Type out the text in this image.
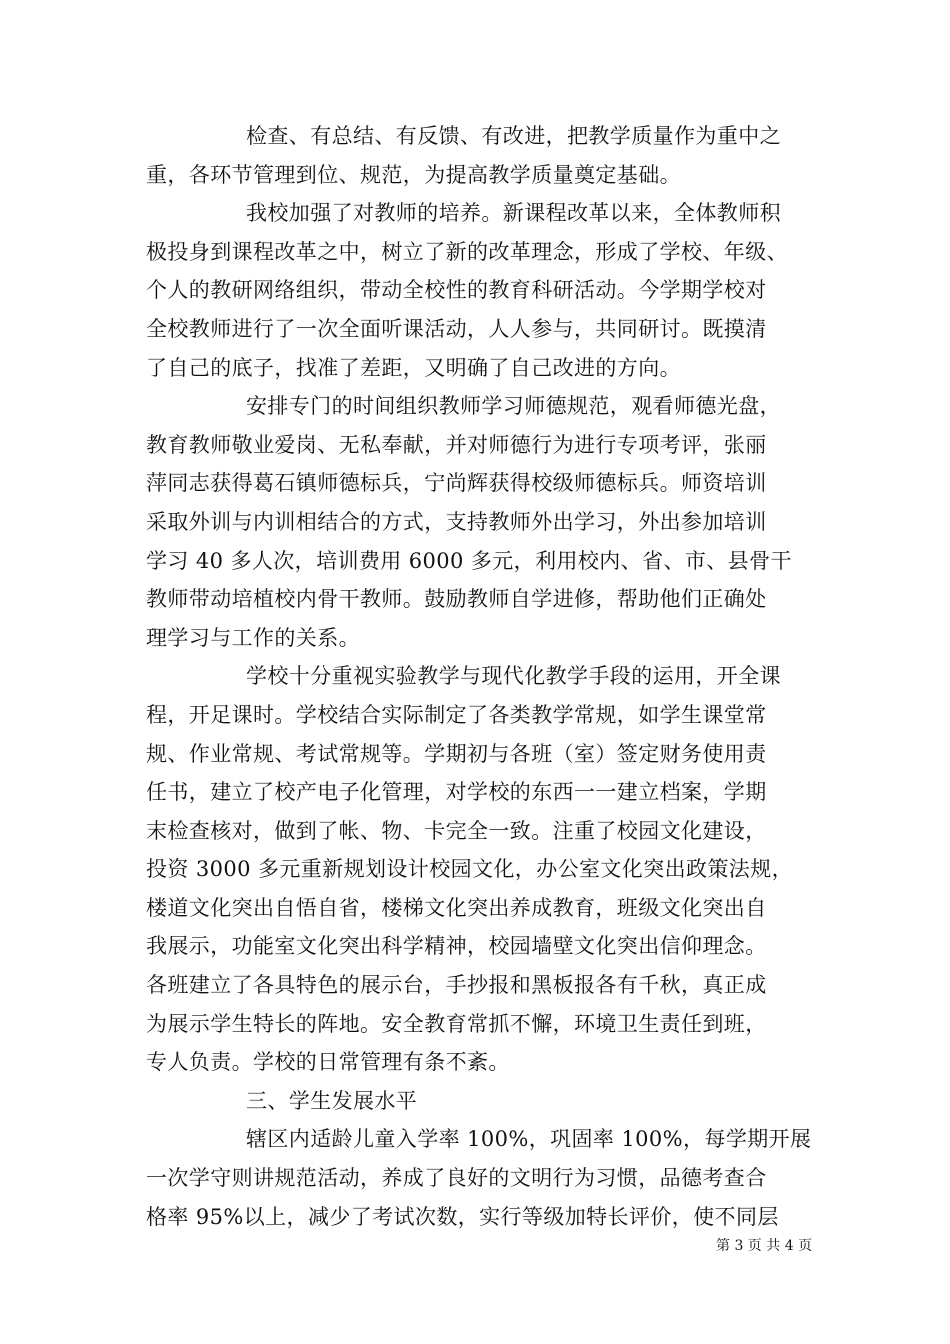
检查、有总结、有反馈、有改进，把教学质量作为重中之
重，各环节管理到位、规范，为提高教学质量奠定基础。
我校加强了对教师的培养。新课程改革以来，全体教师积
极投身到课程改革之中，树立了新的改革理念，形成了学校、年级、
个人的教研网络组织，带动全校性的教育科研活动。今学期学校对
全校教师进行了一次全面听课活动，人人参与，共同研讨。既摸清
了自己的底子，找准了差距，又明确了自己改进的方向。
安排专门的时间组织教师学习师德规范，观看师德光盘，
教育教师敬业爱岗、无私奉献，并对师德行为进行专项考评，张丽
萍同志获得葛石镇师德标兵，宁尚辉获得校级师德标兵。师资培训
采取外训与内训相结合的方式，支持教师外出学习，外出参加培训
学习 40 多人次，培训费用 6000 多元，利用校内、省、市、县骨干
教师带动培植校内骨干教师。鼓励教师自学进修，帮助他们正确处
理学习与工作的关系。
学校十分重视实验教学与现代化教学手段的运用，开全课
程，开足课时。学校结合实际制定了各类教学常规，如学生课堂常
规、作业常规、考试常规等。学期初与各班（室）签定财务使用责
任书，建立了校产电子化管理，对学校的东西一一建立档案，学期
末检查核对，做到了帐、物、卡完全一致。注重了校园文化建设，
投资 3000 多元重新规划设计校园文化，办公室文化突出政策法规，
楼道文化突出自悟自省，楼梯文化突出养成教育，班级文化突出自
我展示，功能室文化突出科学精神，校园墙壁文化突出信仰理念。
各班建立了各具特色的展示台，手抄报和黑板报各有千秋，真正成
为展示学生特长的阵地。安全教育常抓不懈，环境卫生责任到班，
专人负责。学校的日常管理有条不紊。
三、学生发展水平
辖区内适龄儿童入学率 100%，巩固率 100%，每学期开展
一次学守则讲规范活动，养成了良好的文明行为习惯，品德考查合
格率 95%以上，减少了考试次数，实行等级加特长评价，使不同层
第 3 页 共 4 页
